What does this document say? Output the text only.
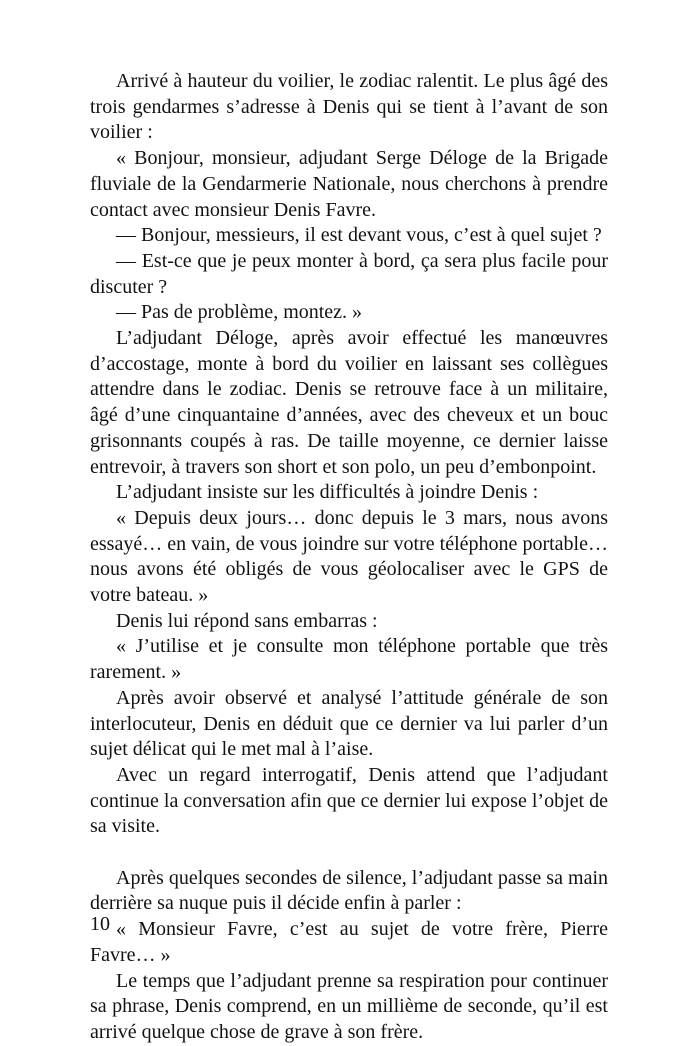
Arrivé à hauteur du voilier, le zodiac ralentit. Le plus âgé des trois gendarmes s’adresse à Denis qui se tient à l’avant de son voilier :

« Bonjour, monsieur, adjudant Serge Déloge de la Brigade fluviale de la Gendarmerie Nationale, nous cherchons à prendre contact avec monsieur Denis Favre.

— Bonjour, messieurs, il est devant vous, c’est à quel sujet ?

— Est-ce que je peux monter à bord, ça sera plus facile pour discuter ?

— Pas de problème, montez. »

L’adjudant Déloge, après avoir effectué les manœuvres d’accostage, monte à bord du voilier en laissant ses collègues attendre dans le zodiac. Denis se retrouve face à un militaire, âgé d’une cinquantaine d’années, avec des cheveux et un bouc grisonnants coupés à ras. De taille moyenne, ce dernier laisse entrevoir, à travers son short et son polo, un peu d’embonpoint.

L’adjudant insiste sur les difficultés à joindre Denis :

« Depuis deux jours… donc depuis le 3 mars, nous avons essayé… en vain, de vous joindre sur votre téléphone portable… nous avons été obligés de vous géolocaliser avec le GPS de votre bateau. »

Denis lui répond sans embarras :

« J’utilise et je consulte mon téléphone portable que très rarement. »

Après avoir observé et analysé l’attitude générale de son interlocuteur, Denis en déduit que ce dernier va lui parler d’un sujet délicat qui le met mal à l’aise.

Avec un regard interrogatif, Denis attend que l’adjudant continue la conversation afin que ce dernier lui expose l’objet de sa visite.

Après quelques secondes de silence, l’adjudant passe sa main derrière sa nuque puis il décide enfin à parler :

« Monsieur Favre, c’est au sujet de votre frère, Pierre Favre… »

Le temps que l’adjudant prenne sa respiration pour continuer sa phrase, Denis comprend, en un millième de seconde, qu’il est arrivé quelque chose de grave à son frère.

10
